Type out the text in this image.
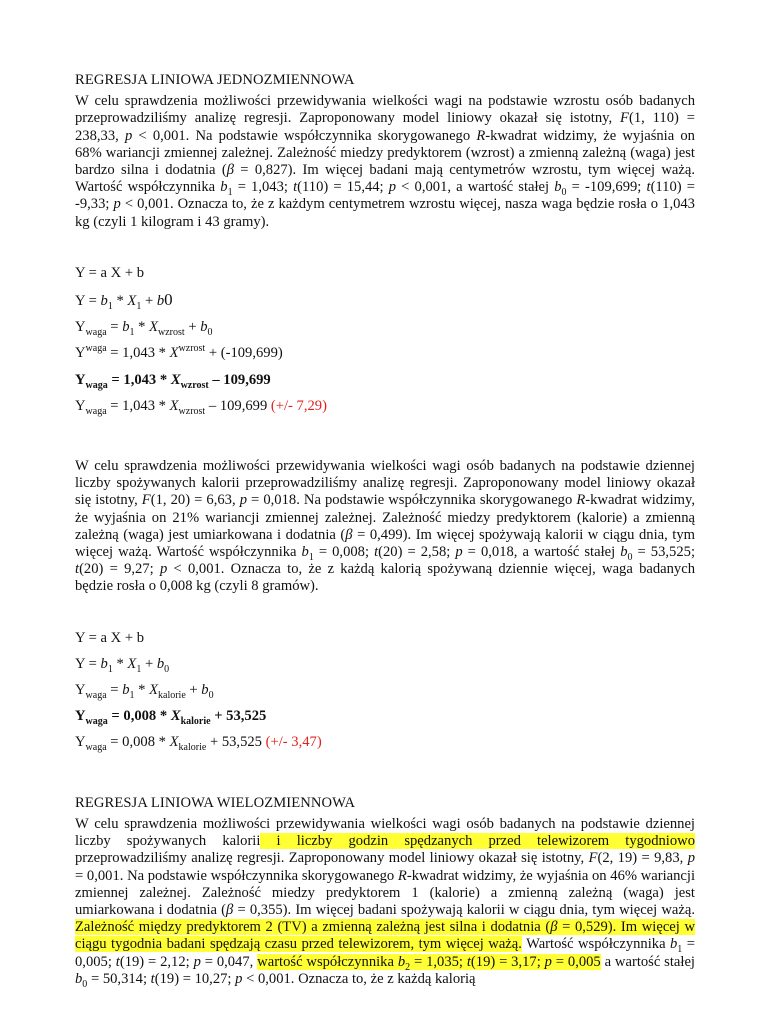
REGRESJA LINIOWA JEDNOZMIENNOWA

W celu sprawdzenia możliwości przewidywania wielkości wagi na podstawie wzrostu osób badanych przeprowadziliśmy analizę regresji. Zaproponowany model liniowy okazał się istotny, F(1, 110) = 238,33, p < 0,001. Na podstawie współczynnika skorygowanego R-kwadrat widzimy, że wyjaśnia on 68% wariancji zmiennej zależnej. Zależność miedzy predyktorem (wzrost) a zmienną zależną (waga) jest bardzo silna i dodatnia (β = 0,827). Im więcej badani mają centymetrów wzrostu, tym więcej ważą. Wartość współczynnika $b_1 = 1,043$; t(110) = 15,44; p < 0,001, a wartość stałej $b_0 = -109,699$; t(110) = -9,33; p < 0,001. Oznacza to, że z każdym centymetrem wzrostu więcej, nasza waga będzie rosła o 1,043 kg (czyli 1 kilogram i 43 gramy).

Y = a X + b
$Y = b_1 * X_1 + b0$
$Y_{waga} = b_1 * X_{wzrost} + b_0$
$Y^{waga} = 1,043 * X^{wzrost} + (-109,699)$
$Y_{waga} = 1,043 * X_{wzrost} - 109,699$
$Y_{waga} = 1,043 * X_{wzrost} - 109,699$ (+/- 7,29)

W celu sprawdzenia możliwości przewidywania wielkości wagi osób badanych na podstawie dziennej liczby spożywanych kalorii przeprowadziliśmy analizę regresji. Zaproponowany model liniowy okazał się istotny, F(1, 20) = 6,63, p = 0,018. Na podstawie współczynnika skorygowanego R-kwadrat widzimy, że wyjaśnia on 21% wariancji zmiennej zależnej. Zależność miedzy predyktorem (kalorie) a zmienną zależną (waga) jest umiarkowana i dodatnia (β = 0,499). Im więcej spożywają kalorii w ciągu dnia, tym więcej ważą. Wartość współczynnika $b_1 = 0,008$; t(20) = 2,58; p = 0,018, a wartość stałej $b_0 = 53,525$; t(20) = 9,27; p < 0,001. Oznacza to, że z każdą kalorią spożywaną dziennie więcej, waga badanych będzie rosła o 0,008 kg (czyli 8 gramów).

Y = a X + b
$Y = b_1 * X_1 + b_0$
$Y_{waga} = b_1 * X_{kalorie} + b_0$
$Y_{waga} = 0,008 * X_{kalorie} + 53,525$
$Y_{waga} = 0,008 * X_{kalorie} + 53,525$ (+/- 3,47)
REGRESJA LINIOWA WIELOZMIENNOWA

W celu sprawdzenia możliwości przewidywania wielkości wagi osób badanych na podstawie dziennej liczby spożywanych kalorii i liczby godzin spędzanych przed telewizorem tygodniowo przeprowadziliśmy analizę regresji. Zaproponowany model liniowy okazał się istotny, F(2, 19) = 9,83, p = 0,001. Na podstawie współczynnika skorygowanego R-kwadrat widzimy, że wyjaśnia on 46% wariancji zmiennej zależnej. Zależność miedzy predyktorem 1 (kalorie) a zmienną zależną (waga) jest umiarkowana i dodatnia (β = 0,355). Im więcej badani spożywają kalorii w ciągu dnia, tym więcej ważą. Zależność między predyktorem 2 (TV) a zmienną zależną jest silna i dodatnia (β = 0,529). Im więcej w ciągu tygodnia badani spędzają czasu przed telewizorem, tym więcej ważą. Wartość współczynnika $b_1 = 0,005$; t(19) = 2,12; p = 0,047, wartość współczynnika $b_2 = 1,035$; t(19) = 3,17; p = 0,005 a wartość stałej $b_0 = 50,314$; t(19) = 10,27; p < 0,001. Oznacza to, że z każdą kalorią
